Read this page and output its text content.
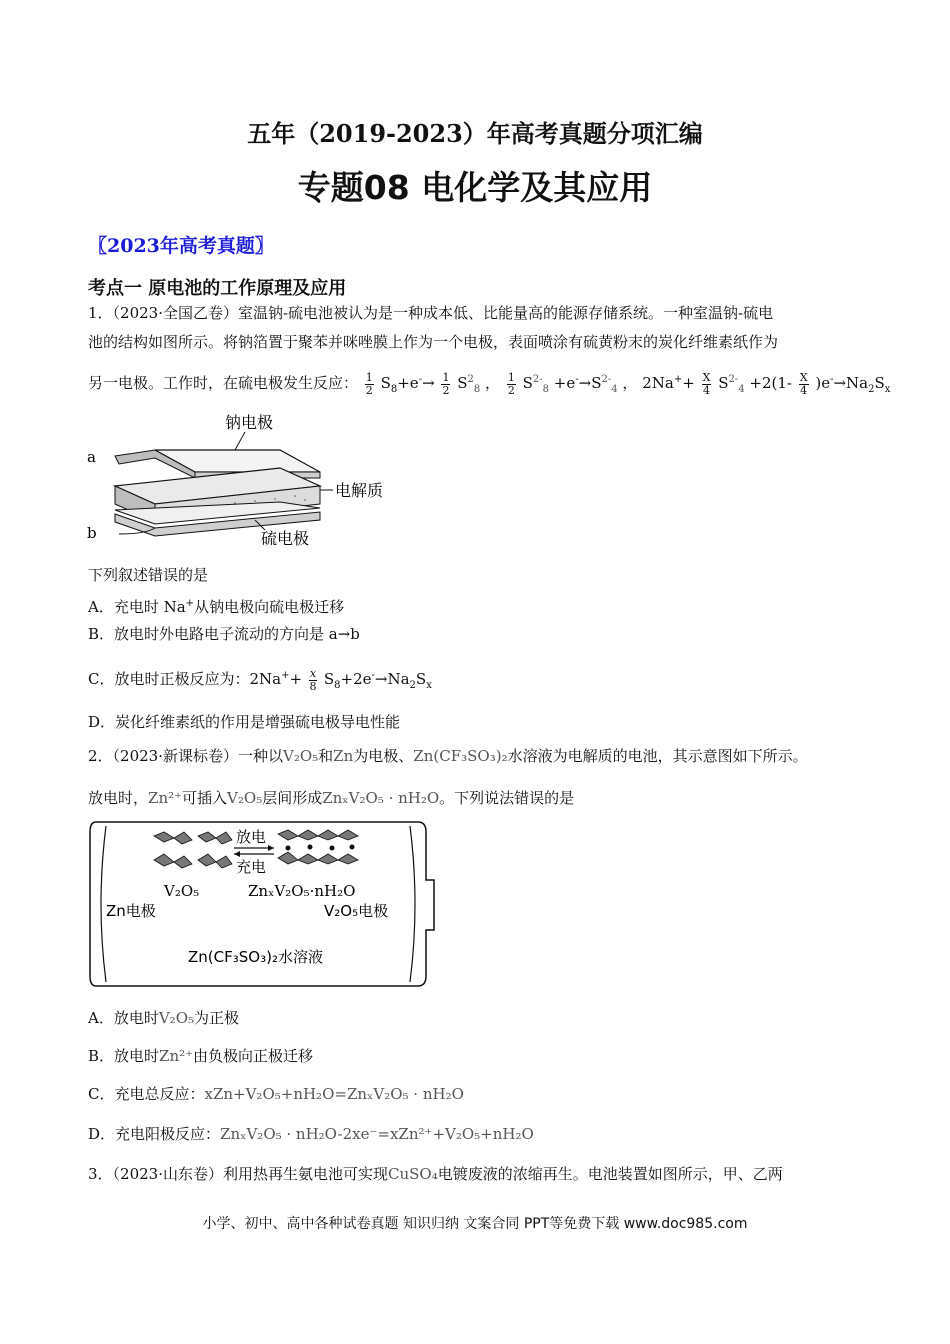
五年（2019-2023）年高考真题分项汇编
专题08 电化学及其应用
〖2023年高考真题〗
考点一 原电池的工作原理及应用
1．（2023·全国乙卷）室温钠-硫电池被认为是一种成本低、比能量高的能源存储系统。一种室温钠-硫电
池的结构如图所示。将钠箔置于聚苯并咪唑膜上作为一个电极，表面喷涂有硫黄粉末的炭化纤维素纸作为
另一电极。工作时，在硫电极发生反应： $\frac{1}{2} S_8+e^-\to \frac{1}{2} S^2_8$ ， $\frac{1}{2} S^{2-}_8 +e^-\to S^{2-}_4$ ， $2Na^++ \frac{X}{4} S^{2-}_4 +2(1- \frac{X}{4} )e^-\to Na_2S_x$
钠电极
电解质
硫电极
a
b
下列叙述错误的是
A．充电时 Na+从钠电极向硫电极迁移
B．放电时外电路电子流动的方向是 a→b
C．放电时正极反应为：$2Na^++ \frac{x}{8} S_8+2e^-\to Na_2S_x$
D．炭化纤维素纸的作用是增强硫电极导电性能
2．（2023·新课标卷）一种以V₂O₅和Zn为电极、Zn(CF₃SO₃)₂水溶液为电解质的电池，其示意图如下所示。
放电时，Zn²⁺可插入V₂O₅层间形成ZnₓV₂O₅ · nH₂O。下列说法错误的是
放电
充电
V₂O₅	ZnₓV₂O₅·nH₂O
Zn电极	V₂O₅电极
Zn(CF₃SO₃)₂水溶液
A．放电时V₂O₅为正极
B．放电时Zn²⁺由负极向正极迁移
C．充电总反应：xZn+V₂O₅+nH₂O=ZnₓV₂O₅ · nH₂O
D．充电阳极反应：ZnₓV₂O₅ · nH₂O-2xe⁻=xZn²⁺+V₂O₅+nH₂O
3．（2023·山东卷）利用热再生氨电池可实现CuSO₄电镀废液的浓缩再生。电池装置如图所示，甲、乙两
小学、初中、高中各种试卷真题 知识归纳 文案合同 PPT等免费下载 www.doc985.com
